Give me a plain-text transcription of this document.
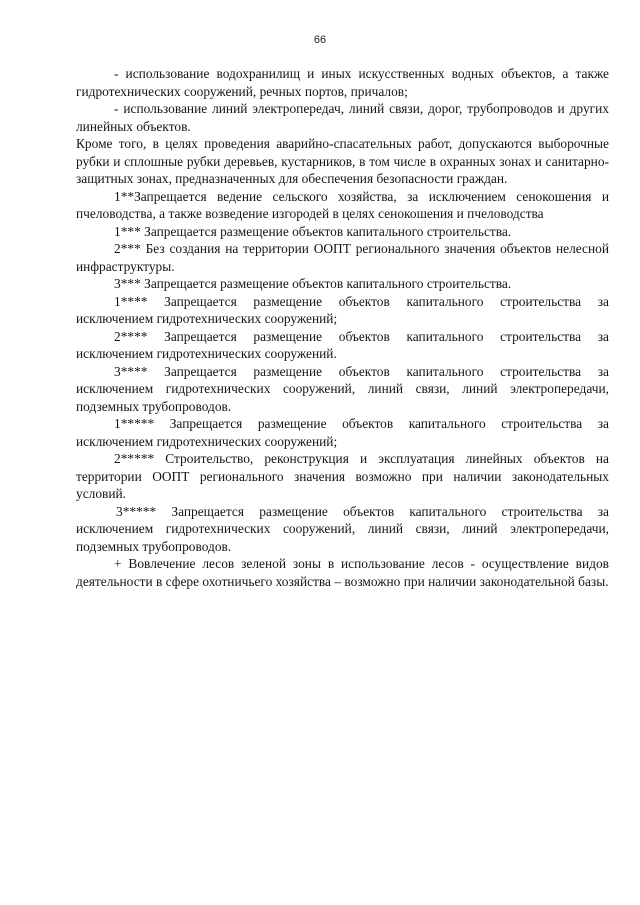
66

- использование водохранилищ и иных искусственных водных объектов, а также гидротехнических сооружений, речных портов, причалов;

- использование линий электропередач, линий связи, дорог, трубопроводов и других линейных объектов.

Кроме того, в целях проведения аварийно-спасательных работ, допускаются выборочные рубки и сплошные рубки деревьев, кустарников, в том числе в охранных зонах и санитарно-защитных зонах, предназначенных для обеспечения безопасности граждан.

1**Запрещается ведение сельского хозяйства, за исключением сенокошения и пчеловодства, а также возведение изгородей в целях сенокошения и пчеловодства

1*** Запрещается размещение объектов капитального строительства.

2*** Без создания на территории ООПТ регионального значения объектов нелесной инфраструктуры.

3*** Запрещается размещение объектов капитального строительства.

1**** Запрещается размещение объектов капитального строительства за исключением гидротехнических сооружений;

2**** Запрещается размещение объектов капитального строительства за исключением гидротехнических сооружений.

3**** Запрещается размещение объектов капитального строительства за исключением гидротехнических сооружений, линий связи, линий электропередачи, подземных трубопроводов.

1***** Запрещается размещение объектов капитального строительства за исключением гидротехнических сооружений;

2***** Строительство, реконструкция и эксплуатация линейных объектов на территории ООПТ регионального значения возможно при наличии законодательных условий.

3***** Запрещается размещение объектов капитального строительства за исключением гидротехнических сооружений, линий связи, линий электропередачи, подземных трубопроводов.

+ Вовлечение лесов зеленой зоны в использование лесов - осуществление видов деятельности в сфере охотничьего хозяйства – возможно при наличии законодательной базы.
